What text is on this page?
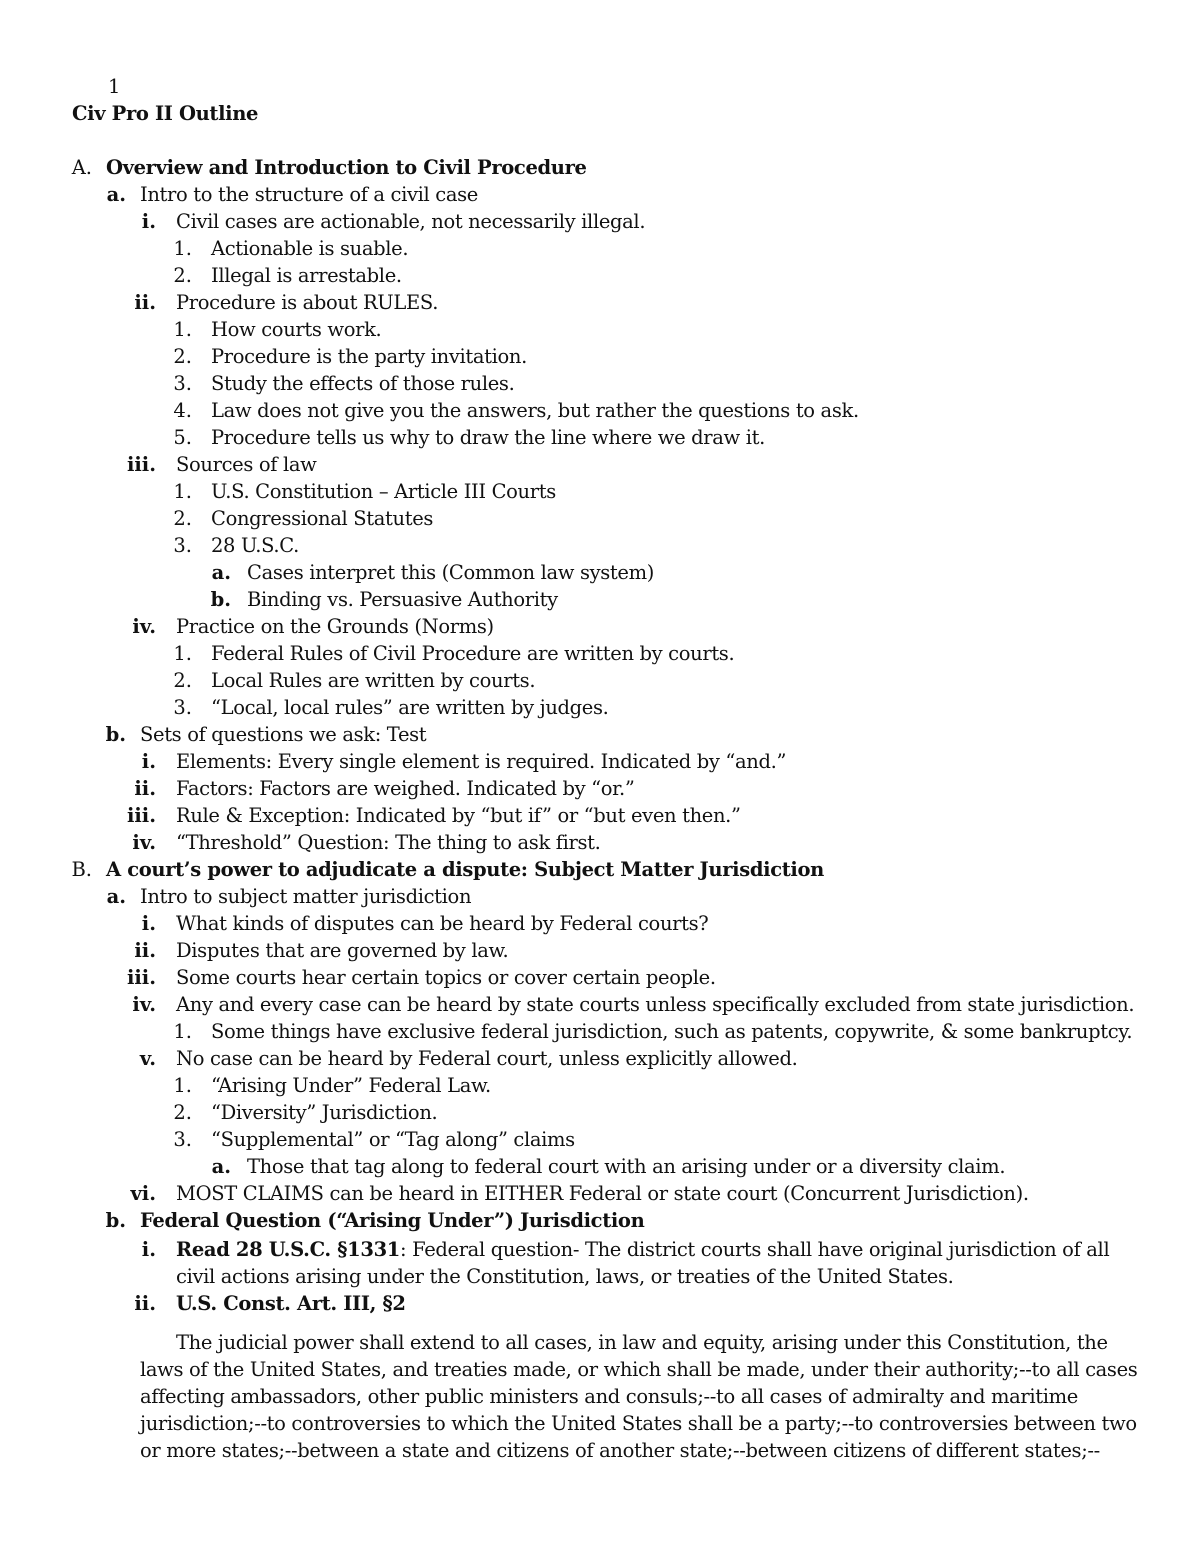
1
Civ Pro II Outline
A. Overview and Introduction to Civil Procedure
a. Intro to the structure of a civil case
i. Civil cases are actionable, not necessarily illegal.
1. Actionable is suable.
2. Illegal is arrestable.
ii. Procedure is about RULES.
1. How courts work.
2. Procedure is the party invitation.
3. Study the effects of those rules.
4. Law does not give you the answers, but rather the questions to ask.
5. Procedure tells us why to draw the line where we draw it.
iii. Sources of law
1. U.S. Constitution – Article III Courts
2. Congressional Statutes
3. 28 U.S.C.
a. Cases interpret this (Common law system)
b. Binding vs. Persuasive Authority
iv. Practice on the Grounds (Norms)
1. Federal Rules of Civil Procedure are written by courts.
2. Local Rules are written by courts.
3. “Local, local rules” are written by judges.
b. Sets of questions we ask: Test
i. Elements: Every single element is required. Indicated by “and.”
ii. Factors: Factors are weighed. Indicated by “or.”
iii. Rule & Exception: Indicated by “but if” or “but even then.”
iv. “Threshold” Question: The thing to ask first.
B. A court’s power to adjudicate a dispute: Subject Matter Jurisdiction
a. Intro to subject matter jurisdiction
i. What kinds of disputes can be heard by Federal courts?
ii. Disputes that are governed by law.
iii. Some courts hear certain topics or cover certain people.
iv. Any and every case can be heard by state courts unless specifically excluded from state jurisdiction.
1. Some things have exclusive federal jurisdiction, such as patents, copywrite, & some bankruptcy.
v. No case can be heard by Federal court, unless explicitly allowed.
1. “Arising Under” Federal Law.
2. “Diversity” Jurisdiction.
3. “Supplemental” or “Tag along” claims
a. Those that tag along to federal court with an arising under or a diversity claim.
vi. MOST CLAIMS can be heard in EITHER Federal or state court (Concurrent Jurisdiction).
b. Federal Question (“Arising Under”) Jurisdiction
i. Read 28 U.S.C. §1331: Federal question- The district courts shall have original jurisdiction of all
civil actions arising under the Constitution, laws, or treaties of the United States.
ii. U.S. Const. Art. III, §2

The judicial power shall extend to all cases, in law and equity, arising under this Constitution, the

laws of the United States, and treaties made, or which shall be made, under their authority;--to all cases

affecting ambassadors, other public ministers and consuls;--to all cases of admiralty and maritime

jurisdiction;--to controversies to which the United States shall be a party;--to controversies between two

or more states;--between a state and citizens of another state;--between citizens of different states;--
